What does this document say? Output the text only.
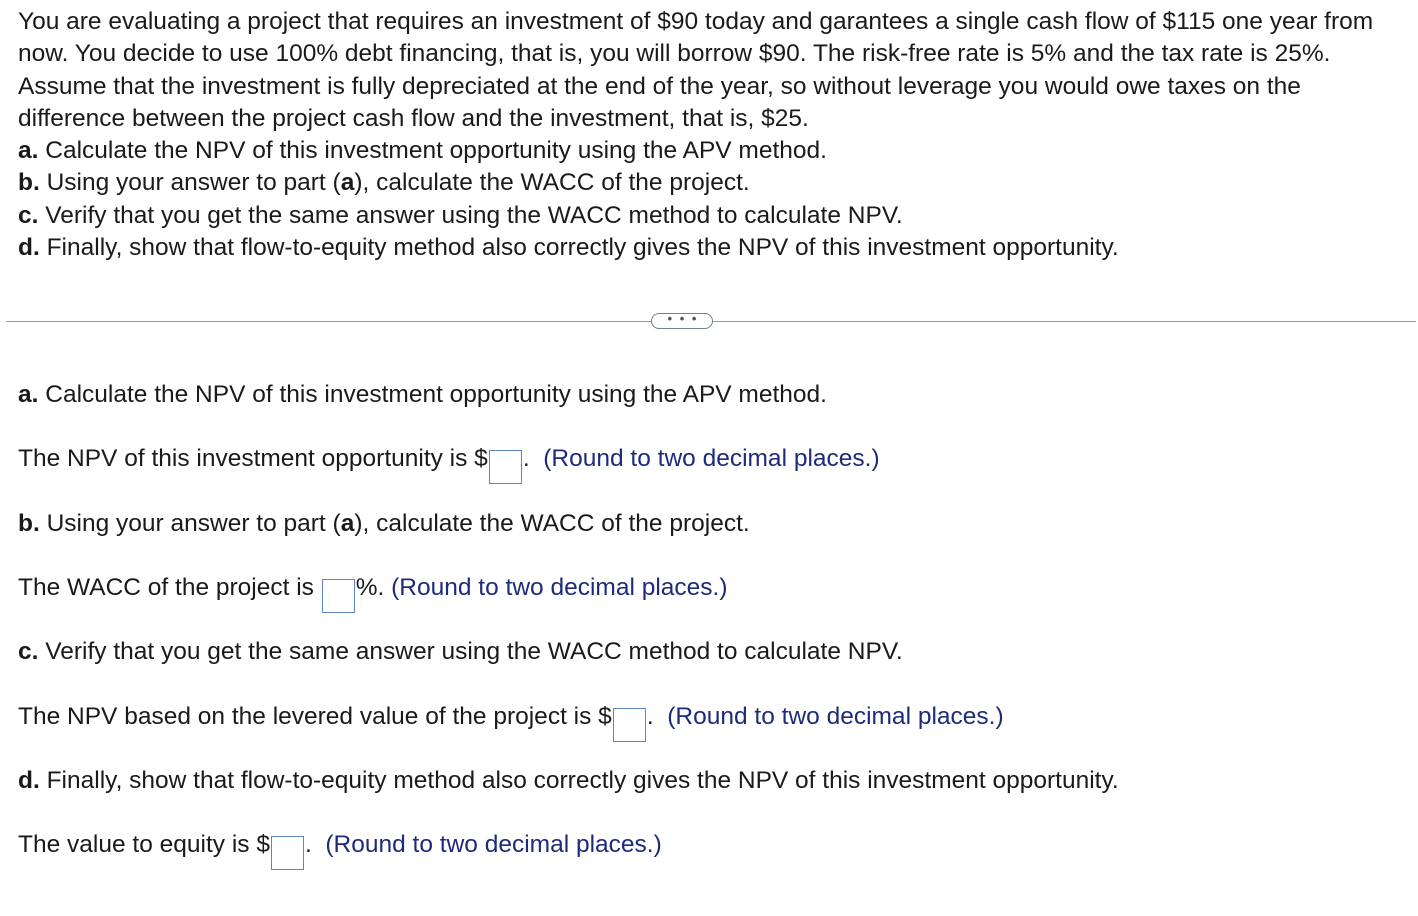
You are evaluating a project that requires an investment of $90 today and garantees a single cash flow of $115 one year from now. You decide to use 100% debt financing, that is, you will borrow $90. The risk-free rate is 5% and the tax rate is 25%. Assume that the investment is fully depreciated at the end of the year, so without leverage you would owe taxes on the difference between the project cash flow and the investment, that is, $25.

a. Calculate the NPV of this investment opportunity using the APV method.
b. Using your answer to part (a), calculate the WACC of the project.
c. Verify that you get the same answer using the WACC method to calculate NPV.
d. Finally, show that flow-to-equity method also correctly gives the NPV of this investment opportunity.
• • •
a. Calculate the NPV of this investment opportunity using the APV method.
The NPV of this investment opportunity is $ . (Round to two decimal places.)
b. Using your answer to part (a), calculate the WACC of the project.
The WACC of the project is %. (Round to two decimal places.)
c. Verify that you get the same answer using the WACC method to calculate NPV.
The NPV based on the levered value of the project is $ . (Round to two decimal places.)
d. Finally, show that flow-to-equity method also correctly gives the NPV of this investment opportunity.
The value to equity is $ . (Round to two decimal places.)
